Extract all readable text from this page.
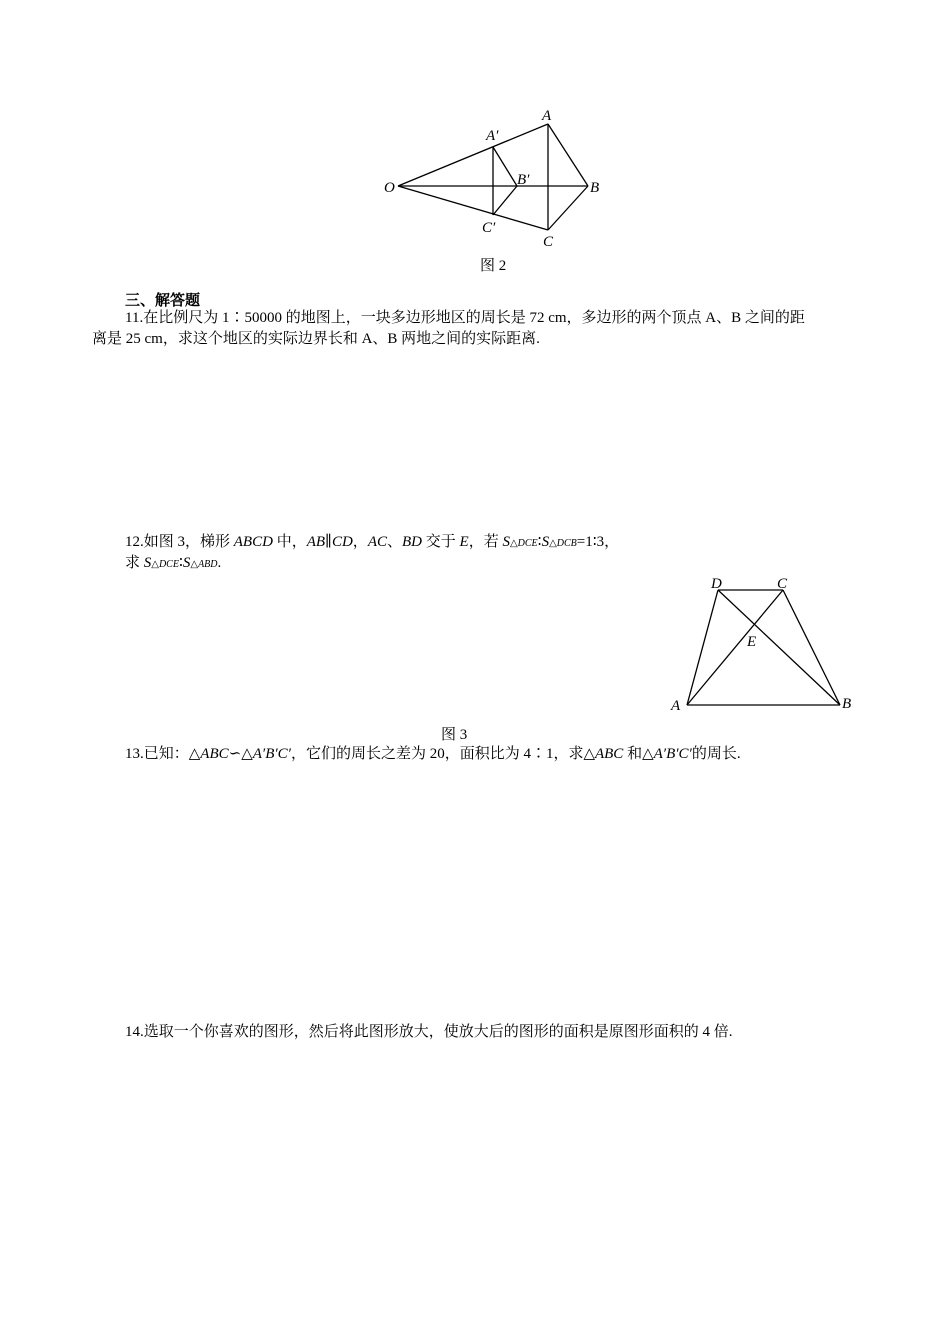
O
A
B
C
A′
B′
C′
图 2
三、解答题
11.在比例尺为 1∶50000 的地图上，一块多边形地区的周长是 72 cm，多边形的两个顶点 A、B 之间的距
离是 25 cm，求这个地区的实际边界长和 A、B 两地之间的实际距离.
12.如图 3，梯形 ABCD 中，AB∥CD，AC、BD 交于 E，若 S△DCE∶S△DCB=1∶3，
求 S△DCE∶S△ABD.
D	C
E
A	B
图 3
13.已知：△ABC∽△A′B′C′，它们的周长之差为 20，面积比为 4∶1，求△ABC 和△A′B′C′的周长.
14.选取一个你喜欢的图形，然后将此图形放大，使放大后的图形的面积是原图形面积的 4 倍.
